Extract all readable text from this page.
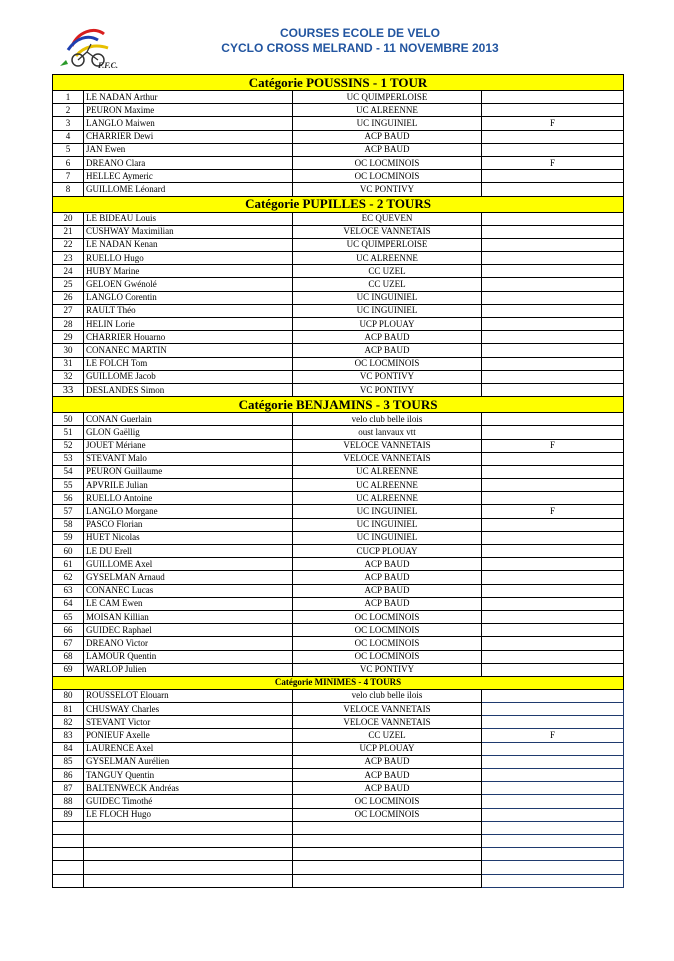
F.F.C.
COURSES ECOLE DE VELO
CYCLO CROSS MELRAND - 11 NOVEMBRE 2013
Catégorie POUSSINS - 1 TOUR			
1	LE NADAN Arthur	UC QUIMPERLOISE	
2	PEURON Maxime	UC ALREENNE	
3	LANGLO Maiwen	UC INGUINIEL	F
4	CHARRIER Dewi	ACP BAUD	
5	JAN Ewen	ACP BAUD	
6	DREANO Clara	OC LOCMINOIS	F
7	HELLEC Aymeric	OC LOCMINOIS	
8	GUILLOME Léonard	VC PONTIVY	
Catégorie PUPILLES - 2 TOURS			
20	LE BIDEAU Louis	EC QUEVEN	
21	CUSHWAY Maximilian	VELOCE VANNETAIS	
22	LE NADAN Kenan	UC QUIMPERLOISE	
23	RUELLO Hugo	UC ALREENNE	
24	HUBY Marine	CC UZEL	
25	GELOEN Gwénolé	CC UZEL	
26	LANGLO Corentin	UC INGUINIEL	
27	RAULT Théo	UC INGUINIEL	
28	HELIN Lorie	UCP PLOUAY	
29	CHARRIER Houarno	ACP BAUD	
30	CONANEC MARTIN	ACP BAUD	
31	LE FOLCH Tom	OC LOCMINOIS	
32	GUILLOME Jacob	VC PONTIVY	
33	DESLANDES Simon	VC PONTIVY	
Catégorie BENJAMINS - 3 TOURS			
50	CONAN Guerlain	velo club belle ilois	
51	GLON Gaëllig	oust lanvaux vtt	
52	JOUET Mériane	VELOCE VANNETAIS	F
53	STEVANT Malo	VELOCE VANNETAIS	
54	PEURON Guillaume	UC ALREENNE	
55	APVRILE Julian	UC ALREENNE	
56	RUELLO Antoine	UC ALREENNE	
57	LANGLO Morgane	UC INGUINIEL	F
58	PASCO Florian	UC INGUINIEL	
59	HUET Nicolas	UC INGUINIEL	
60	LE DU Erell	CUCP PLOUAY	
61	GUILLOME Axel	ACP BAUD	
62	GYSELMAN Arnaud	ACP BAUD	
63	CONANEC Lucas	ACP BAUD	
64	LE CAM Ewen	ACP BAUD	
65	MOISAN Killian	OC LOCMINOIS	
66	GUIDEC Raphael	OC LOCMINOIS	
67	DREANO Victor	OC LOCMINOIS	
68	LAMOUR Quentin	OC LOCMINOIS	
69	WARLOP Julien	VC PONTIVY	
Catégorie MINIMES - 4 TOURS			
80	ROUSSELOT Elouarn	velo club belle ilois	
81	CHUSWAY Charles	VELOCE VANNETAIS	
82	STEVANT Victor	VELOCE VANNETAIS	
83	PONIEUF Axelle	CC UZEL	F
84	LAURENCE Axel	UCP PLOUAY	
85	GYSELMAN Aurélien	ACP BAUD	
86	TANGUY Quentin	ACP BAUD	
87	BALTENWECK Andréas	ACP BAUD	
88	GUIDEC Timothé	OC LOCMINOIS	
89	LE FLOCH Hugo	OC LOCMINOIS	
